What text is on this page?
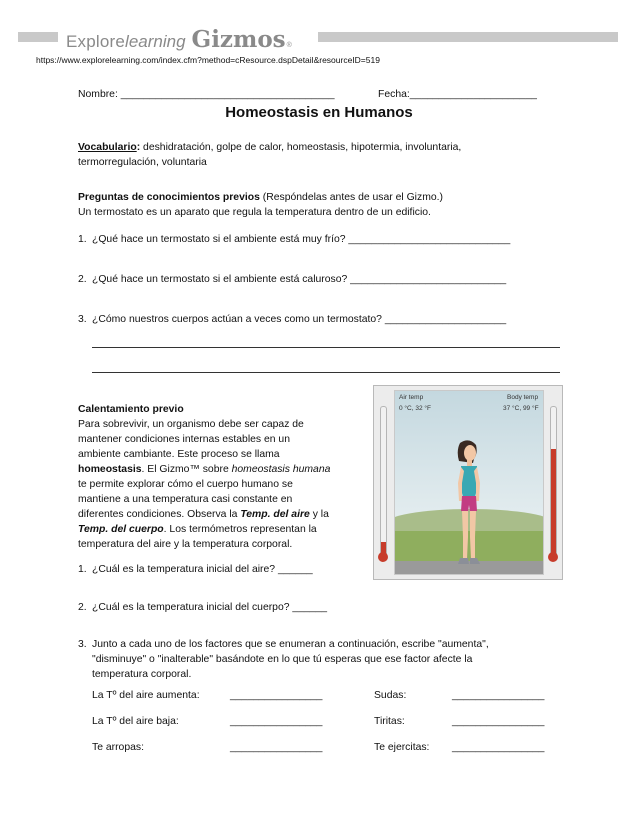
Explore learning Gizmos ®
https://www.explorelearning.com/index.cfm?method=cResource.dspDetail&resourceID=519
Nombre: _____________________________________	Fecha:______________________
Homeostasis en Humanos
Vocabulario: deshidratación, golpe de calor, homeostasis, hipotermia, involuntaria,
termorregulación, voluntaria
Preguntas de conocimientos previos (Respóndelas antes de usar el Gizmo.)
Un termostato es un aparato que regula la temperatura dentro de un edificio.
1. ¿Qué hace un termostato si el ambiente está muy frío? ____________________________
2. ¿Qué hace un termostato si el ambiente está caluroso? ___________________________
3. ¿Cómo nuestros cuerpos actúan a veces como un termostato? _____________________
Calentamiento previo
Para sobrevivir, un organismo debe ser capaz de
mantener condiciones internas estables en un
ambiente cambiante. Este proceso se llama
homeostasis. El Gizmo™ sobre homeostasis humana
te permite explorar cómo el cuerpo humano se
mantiene a una temperatura casi constante en
diferentes condiciones. Observa la Temp. del aire y la
Temp. del cuerpo. Los termómetros representan la
temperatura del aire y la temperatura corporal.
1. ¿Cuál es la temperatura inicial del aire? ______
2. ¿Cuál es la temperatura inicial del cuerpo? ______
3. Junto a cada uno de los factores que se enumeran a continuación, escribe "aumenta",
"disminuye" o "inalterable" basándote en lo que tú esperas que ese factor afecte la
temperatura corporal.
La Tº del aire aumenta:	________________	Sudas:	________________
La Tº del aire baja:	________________	Tiritas:	________________
Te arropas:	________________	Te ejercitas: ________________
Air temp
0 °C, 32 °F
Body temp
37 °C, 99 °F
